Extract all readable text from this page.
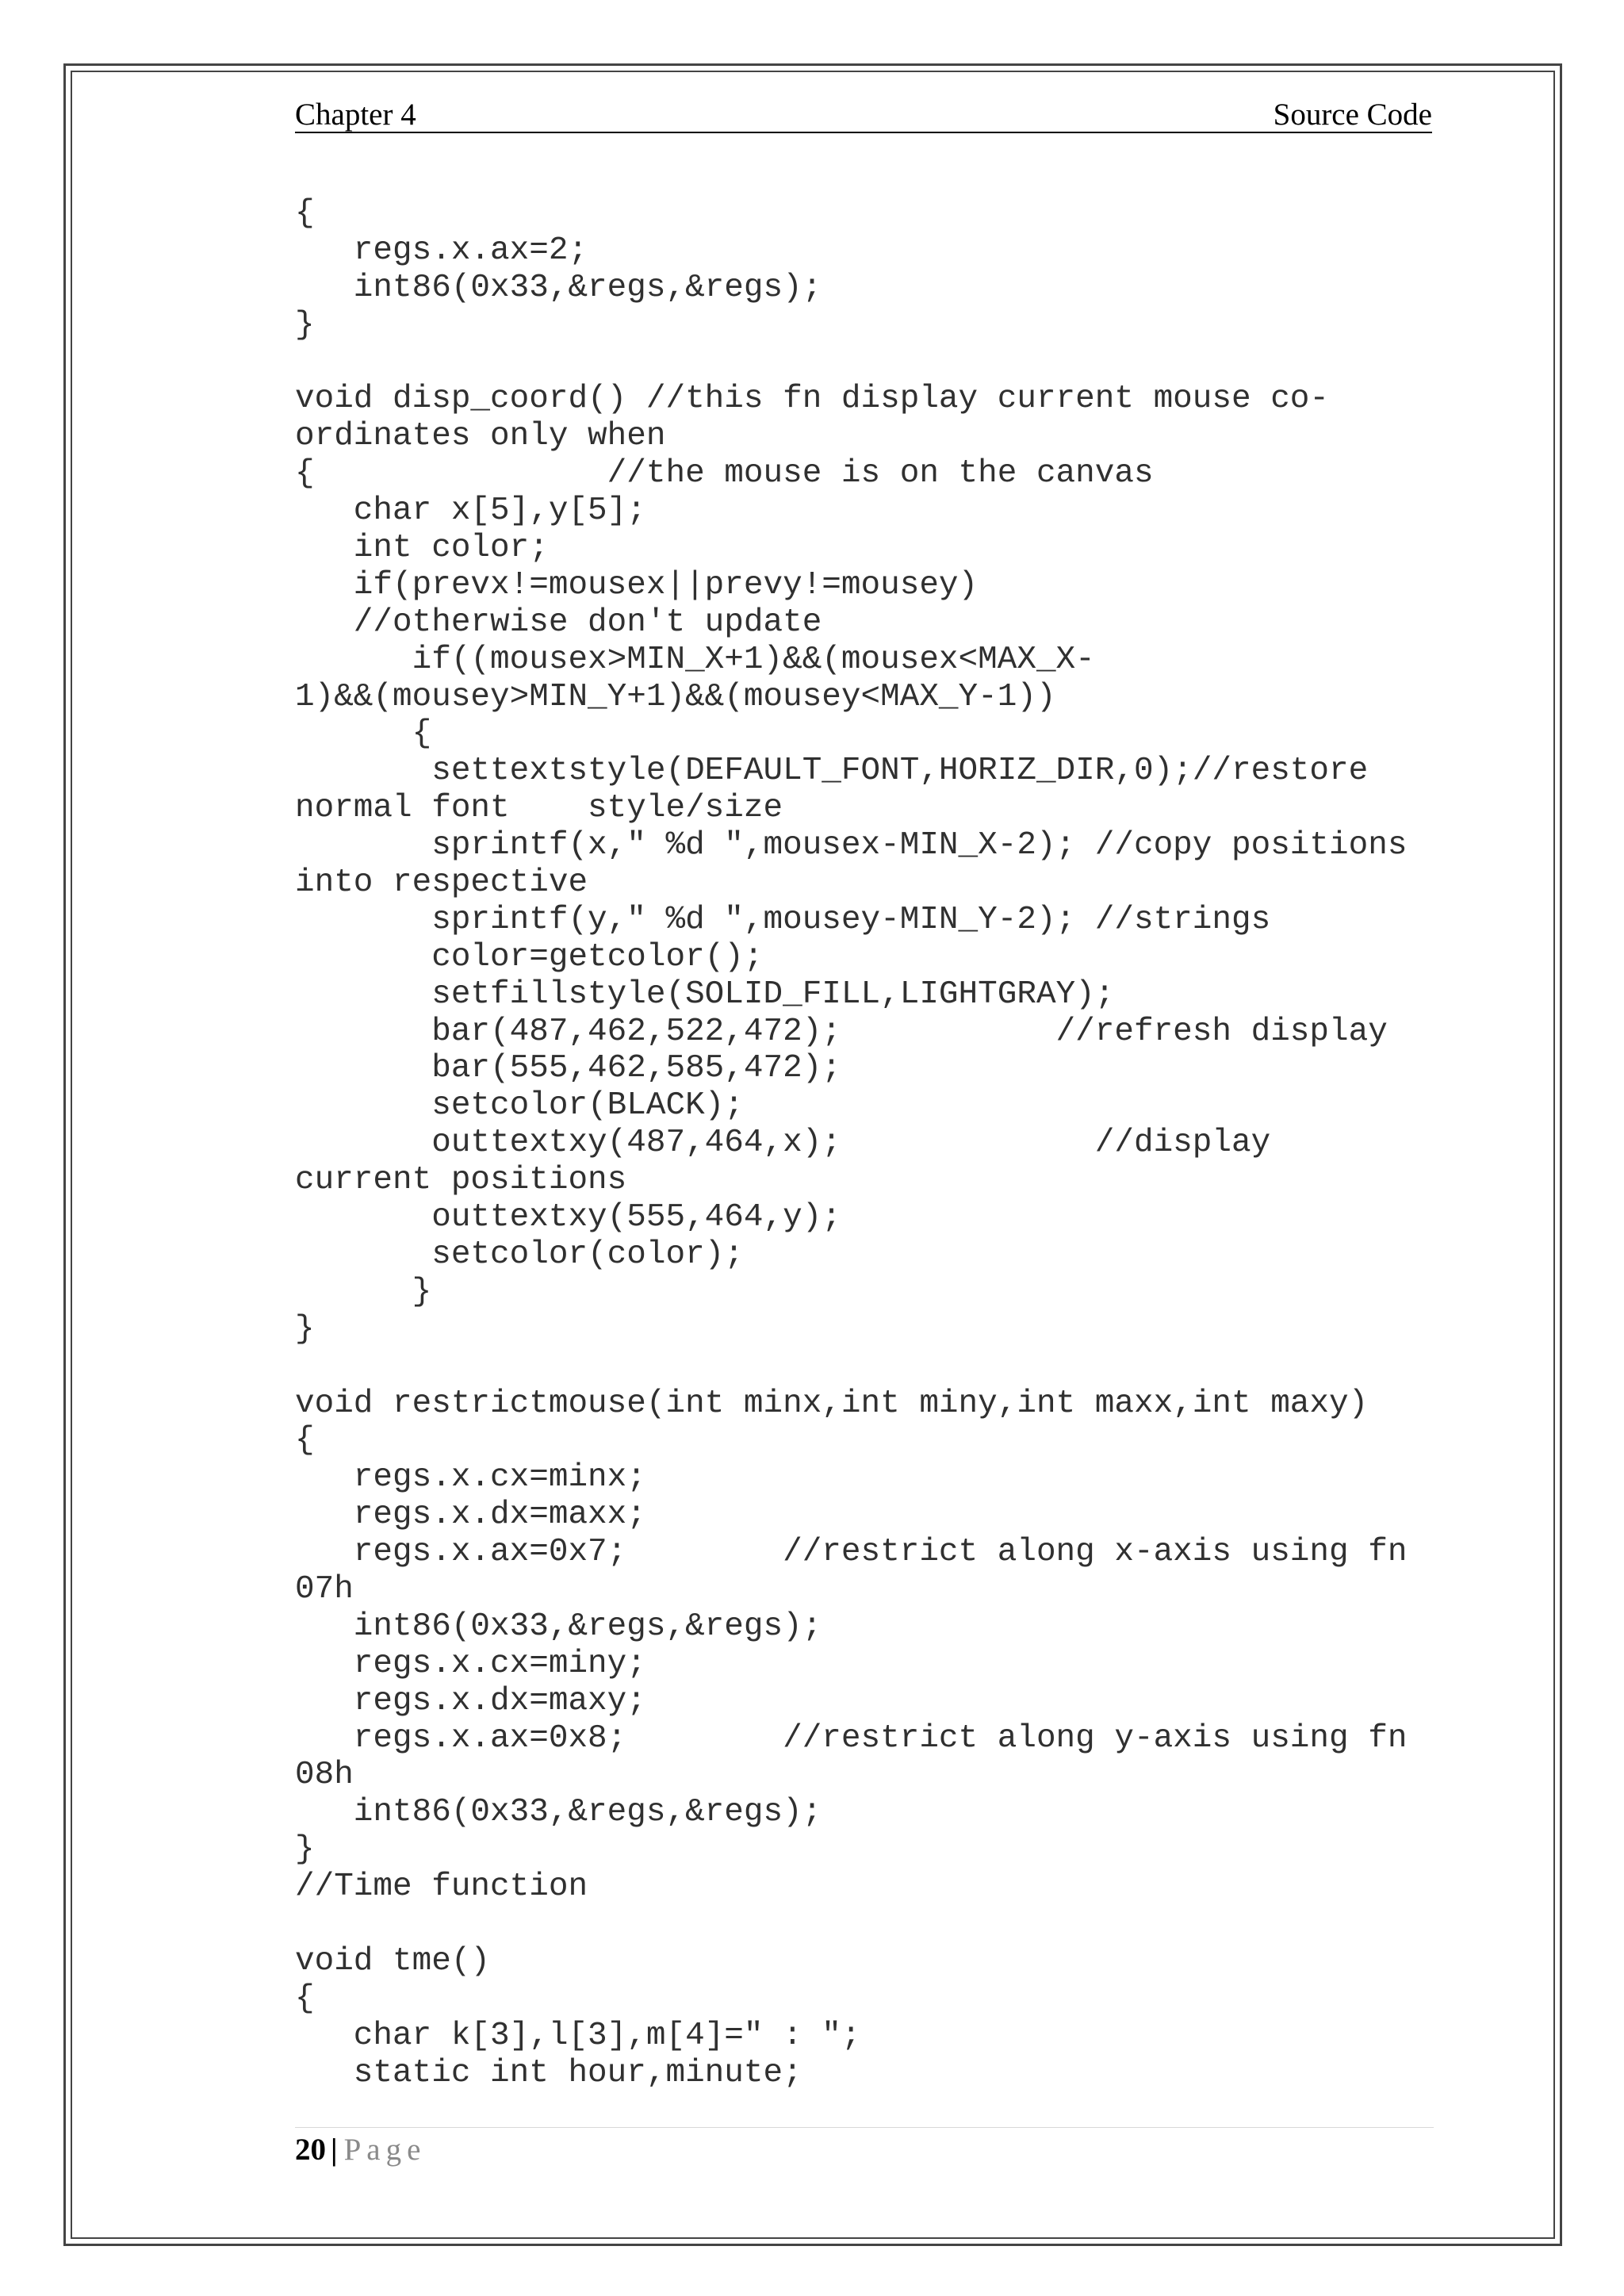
Chapter 4	Source Code
{
regs.x.ax=2;
int86(0x33,&regs,&regs);
}
void disp_coord() //this fn display current mouse co-
ordinates only when
{               //the mouse is on the canvas
char x[5],y[5];
int color;
if(prevx!=mousex||prevy!=mousey)
//otherwise don't update
if((mousex>MIN_X+1)&&(mousex<MAX_X-
1)&&(mousey>MIN_Y+1)&&(mousey<MAX_Y-1))
{
settextstyle(DEFAULT_FONT,HORIZ_DIR,0);//restore
normal font    style/size
sprintf(x," %d ",mousex-MIN_X-2); //copy positions
into respective
sprintf(y," %d ",mousey-MIN_Y-2); //strings
color=getcolor();
setfillstyle(SOLID_FILL,LIGHTGRAY);
bar(487,462,522,472);           //refresh display
bar(555,462,585,472);
setcolor(BLACK);
outtextxy(487,464,x);             //display
current positions
outtextxy(555,464,y);
setcolor(color);
}
}
void restrictmouse(int minx,int miny,int maxx,int maxy)
{
regs.x.cx=minx;
regs.x.dx=maxx;
regs.x.ax=0x7;        //restrict along x-axis using fn
07h
int86(0x33,&regs,&regs);
regs.x.cx=miny;
regs.x.dx=maxy;
regs.x.ax=0x8;        //restrict along y-axis using fn
08h
int86(0x33,&regs,&regs);
}
//Time function
void tme()
{
char k[3],l[3],m[4]=" : ";
static int hour,minute;
20 | Page
